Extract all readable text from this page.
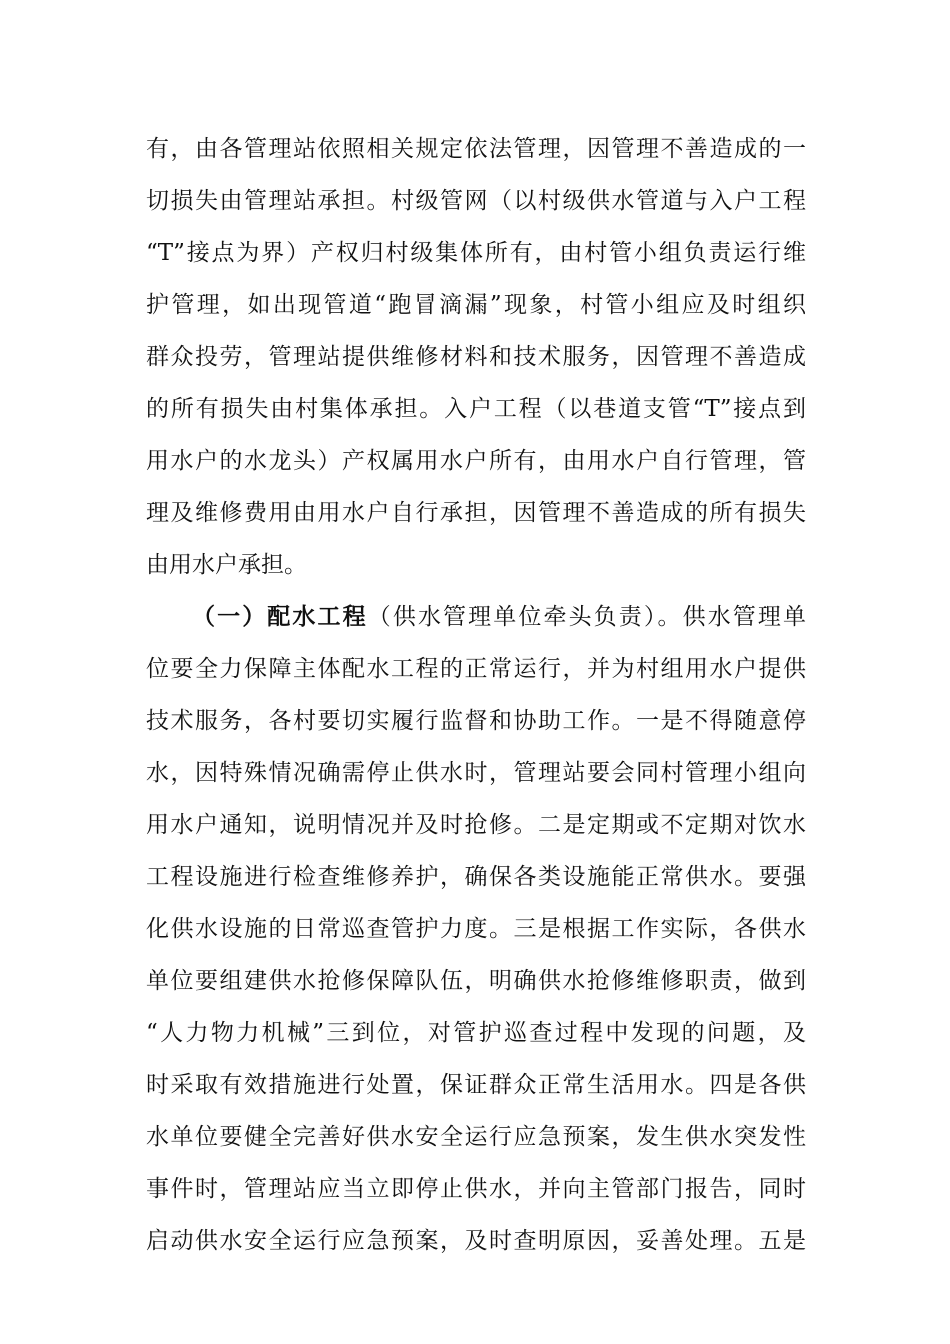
有，由各管理站依照相关规定依法管理，因管理不善造成的一
切损失由管理站承担。村级管网（以村级供水管道与入户工程
“T”接点为界）产权归村级集体所有，由村管小组负责运行维
护管理，如出现管道“跑冒滴漏”现象，村管小组应及时组织
群众投劳，管理站提供维修材料和技术服务，因管理不善造成
的所有损失由村集体承担。入户工程（以巷道支管“T”接点到
用水户的水龙头）产权属用水户所有，由用水户自行管理，管
理及维修费用由用水户自行承担，因管理不善造成的所有损失
由用水户承担。
（一）配水工程（供水管理单位牵头负责）。供水管理单
位要全力保障主体配水工程的正常运行，并为村组用水户提供
技术服务，各村要切实履行监督和协助工作。一是不得随意停
水，因特殊情况确需停止供水时，管理站要会同村管理小组向
用水户通知，说明情况并及时抢修。二是定期或不定期对饮水
工程设施进行检查维修养护，确保各类设施能正常供水。要强
化供水设施的日常巡查管护力度。三是根据工作实际，各供水
单位要组建供水抢修保障队伍，明确供水抢修维修职责，做到
“人力物力机械”三到位，对管护巡查过程中发现的问题，及
时采取有效措施进行处置，保证群众正常生活用水。四是各供
水单位要健全完善好供水安全运行应急预案，发生供水突发性
事件时，管理站应当立即停止供水，并向主管部门报告，同时
启动供水安全运行应急预案，及时查明原因，妥善处理。五是
